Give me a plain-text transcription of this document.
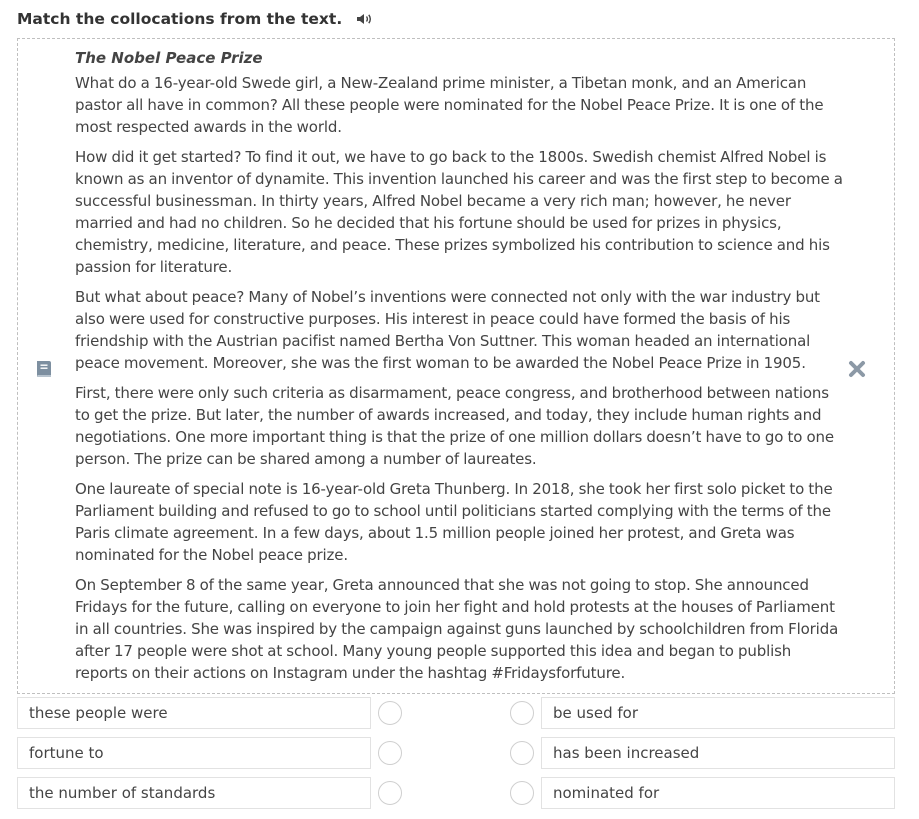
Match the collocations from the text.
The Nobel Peace Prize

What do a 16-year-old Swede girl, a New-Zealand prime minister, a Tibetan monk, and an American pastor all have in common? All these people were nominated for the Nobel Peace Prize. It is one of the most respected awards in the world.

How did it get started? To find it out, we have to go back to the 1800s. Swedish chemist Alfred Nobel is known as an inventor of dynamite. This invention launched his career and was the first step to become a successful businessman. In thirty years, Alfred Nobel became a very rich man; however, he never married and had no children. So he decided that his fortune should be used for prizes in physics, chemistry, medicine, literature, and peace. These prizes symbolized his contribution to science and his passion for literature.

But what about peace? Many of Nobel’s inventions were connected not only with the war industry but also were used for constructive purposes. His interest in peace could have formed the basis of his friendship with the Austrian pacifist named Bertha Von Suttner. This woman headed an international peace movement. Moreover, she was the first woman to be awarded the Nobel Peace Prize in 1905.

First, there were only such criteria as disarmament, peace congress, and brotherhood between nations to get the prize. But later, the number of awards increased, and today, they include human rights and negotiations. One more important thing is that the prize of one million dollars doesn’t have to go to one person. The prize can be shared among a number of laureates.

One laureate of special note is 16-year-old Greta Thunberg. In 2018, she took her first solo picket to the Parliament building and refused to go to school until politicians started complying with the terms of the Paris climate agreement. In a few days, about 1.5 million people joined her protest, and Greta was nominated for the Nobel peace prize.

On September 8 of the same year, Greta announced that she was not going to stop. She announced Fridays for the future, calling on everyone to join her fight and hold protests at the houses of Parliament in all countries. She was inspired by the campaign against guns launched by schoolchildren from Florida after 17 people were shot at school. Many young people supported this idea and began to publish reports on their actions on Instagram under the hashtag #Fridaysforfuture.

these people were	be used for
fortune to	has been increased
the number of standards	nominated for
